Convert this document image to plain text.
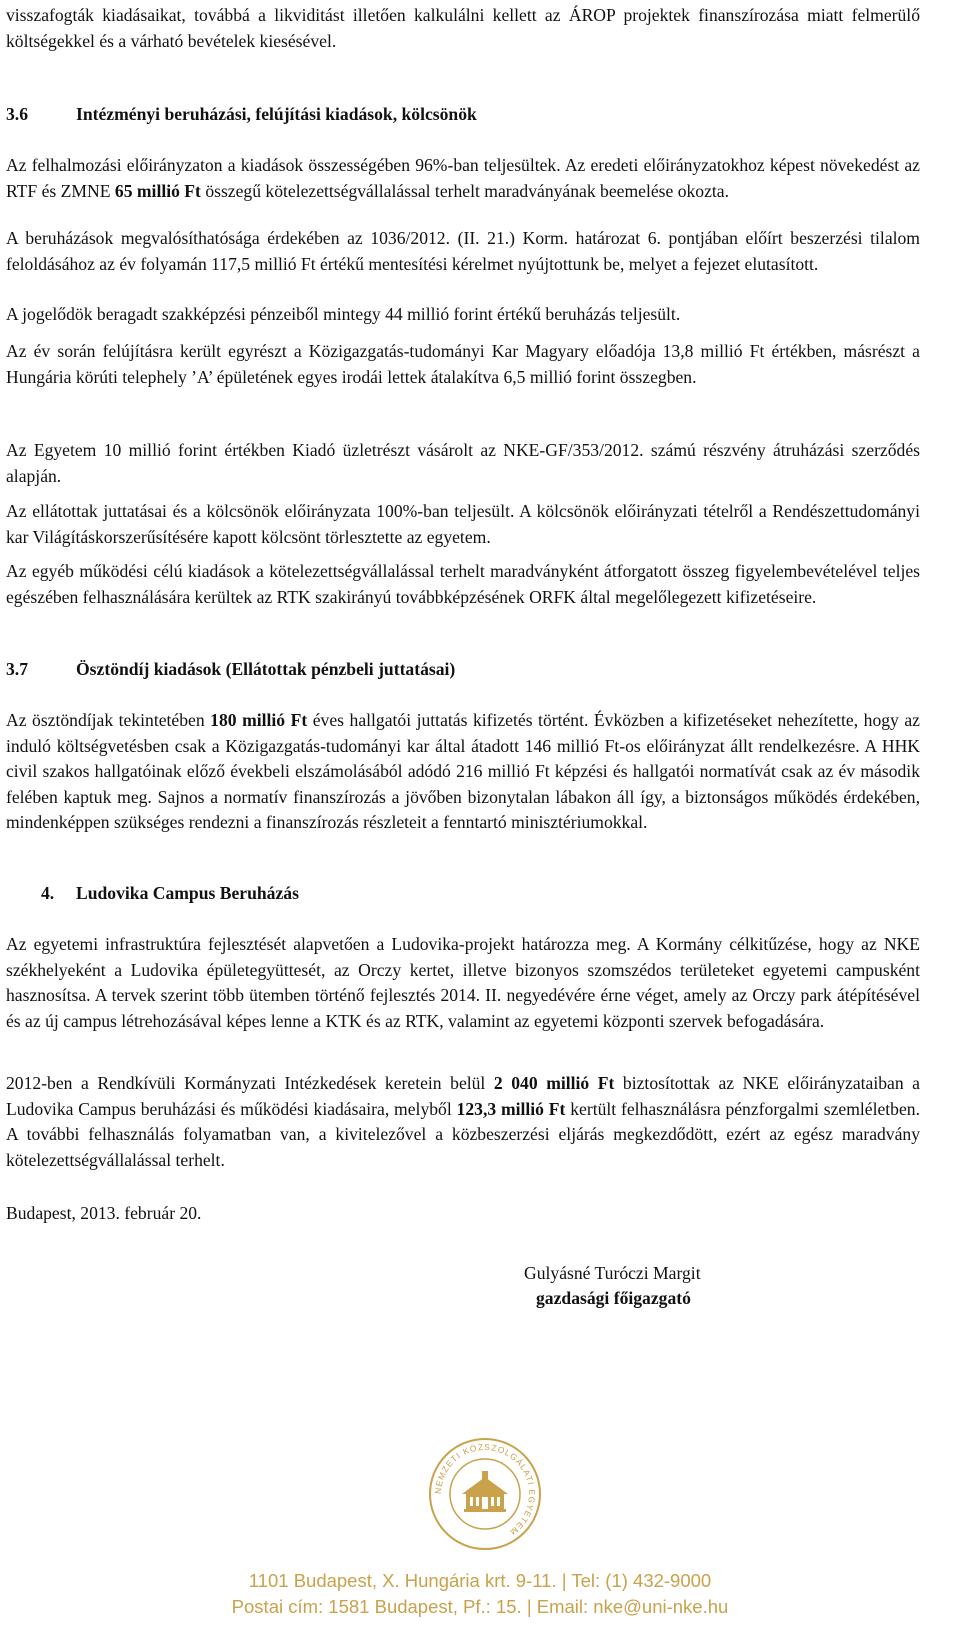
visszafogták kiadásaikat, továbbá a likviditást illetően kalkulálni kellett az ÁROP projektek finanszírozása miatt felmerülő költségekkel és a várható bevételek kiesésével.

3.6	Intézményi beruházási, felújítási kiadások, kölcsönök

Az felhalmozási előirányzaton a kiadások összességében 96%-ban teljesültek. Az eredeti előirányzatokhoz képest növekedést az RTF és ZMNE 65 millió Ft összegű kötelezettségvállalással terhelt maradványának beemelése okozta.

A beruházások megvalósíthatósága érdekében az 1036/2012. (II. 21.) Korm. határozat 6. pontjában előírt beszerzési tilalom feloldásához az év folyamán 117,5 millió Ft értékű mentesítési kérelmet nyújtottunk be, melyet a fejezet elutasított.

A jogelődök beragadt szakképzési pénzeiből mintegy 44 millió forint értékű beruházás teljesült.

Az év során felújításra került egyrészt a Közigazgatás-tudományi Kar Magyary előadója 13,8 millió Ft értékben, másrészt a Hungária körúti telephely ’A’ épületének egyes irodái lettek átalakítva 6,5 millió forint összegben.

Az Egyetem 10 millió forint értékben Kiadó üzletrészt vásárolt az NKE-GF/353/2012. számú részvény átruházási szerződés alapján.

Az ellátottak juttatásai és a kölcsönök előirányzata 100%-ban teljesült. A kölcsönök előirányzati tételről a Rendészettudományi kar Világításkorszerűsítésére kapott kölcsönt törlesztette az egyetem.

Az egyéb működési célú kiadások a kötelezettségvállalással terhelt maradványként átforgatott összeg figyelembevételével teljes egészében felhasználására kerültek az RTK szakirányú továbbképzésének ORFK által megelőlegezett kifizetéseire.

3.7	Ösztöndíj kiadások (Ellátottak pénzbeli juttatásai)

Az ösztöndíjak tekintetében 180 millió Ft éves hallgatói juttatás kifizetés történt. Évközben a kifizetéseket nehezítette, hogy az induló költségvetésben csak a Közigazgatás-tudományi kar által átadott 146 millió Ft-os előirányzat állt rendelkezésre. A HHK civil szakos hallgatóinak előző évekbeli elszámolásából adódó 216 millió Ft képzési és hallgatói normatívát csak az év második felében kaptuk meg. Sajnos a normatív finanszírozás a jövőben bizonytalan lábakon áll így, a biztonságos működés érdekében, mindenképpen szükséges rendezni a finanszírozás részleteit a fenntartó minisztériumokkal.

4. Ludovika Campus Beruházás

Az egyetemi infrastruktúra fejlesztését alapvetően a Ludovika-projekt határozza meg. A Kormány célkitűzése, hogy az NKE székhelyeként a Ludovika épületegyüttesét, az Orczy kertet, illetve bizonyos szomszédos területeket egyetemi campusként hasznosítsa. A tervek szerint több ütemben történő fejlesztés 2014. II. negyedévére érne véget, amely az Orczy park átépítésével és az új campus létrehozásával képes lenne a KTK és az RTK, valamint az egyetemi központi szervek befogadására.

2012-ben a Rendkívüli Kormányzati Intézkedések keretein belül 2 040 millió Ft biztosítottak az NKE előirányzataiban a Ludovika Campus beruházási és működési kiadásaira, melyből 123,3 millió Ft kertült felhasználásra pénzforgalmi szemléletben. A további felhasználás folyamatban van, a kivitelezővel a közbeszerzési eljárás megkezdődött, ezért az egész maradvány kötelezettségvállalással terhelt.

Budapest, 2013. február 20.

Gulyásné Turóczi Margit
gazdasági főigazgató
NEMZETI KÖZSZOLGÁLATI EGYETEM
1101 Budapest, X. Hungária krt. 9-11. | Tel: (1) 432-9000
Postai cím: 1581 Budapest, Pf.: 15. | Email: nke@uni-nke.hu
